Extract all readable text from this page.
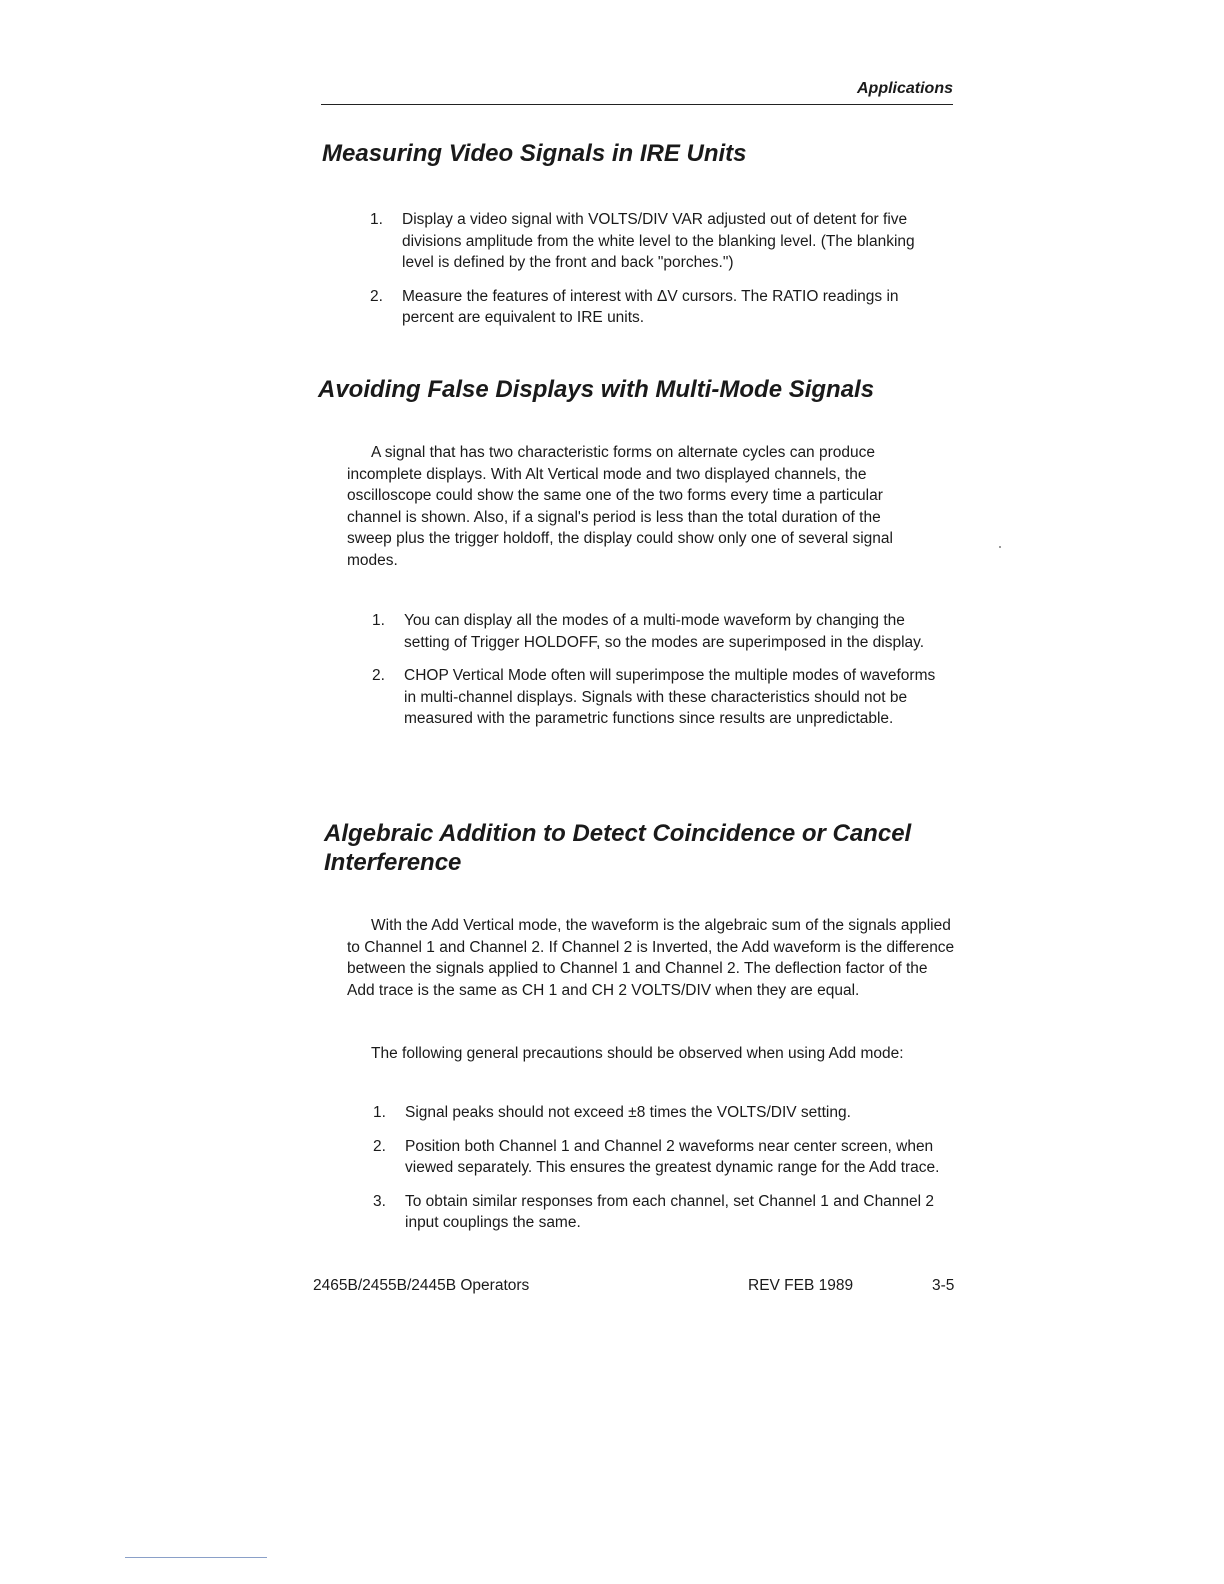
Applications
Measuring Video Signals in IRE Units
1. Display a video signal with VOLTS/DIV VAR adjusted out of detent for five divisions amplitude from the white level to the blanking level. (The blanking level is defined by the front and back "porches.")
2. Measure the features of interest with ΔV cursors. The RATIO readings in percent are equivalent to IRE units.
Avoiding False Displays with Multi-Mode Signals

A signal that has two characteristic forms on alternate cycles can produce incomplete displays. With Alt Vertical mode and two displayed channels, the oscilloscope could show the same one of the two forms every time a particular channel is shown. Also, if a signal's period is less than the total duration of the sweep plus the trigger holdoff, the display could show only one of several signal modes.

1. You can display all the modes of a multi-mode waveform by changing the setting of Trigger HOLDOFF, so the modes are superimposed in the display.
2. CHOP Vertical Mode often will superimpose the multiple modes of waveforms in multi-channel displays. Signals with these characteristics should not be measured with the parametric functions since results are unpredictable.
Algebraic Addition to Detect Coincidence or Cancel Interference

With the Add Vertical mode, the waveform is the algebraic sum of the signals applied to Channel 1 and Channel 2. If Channel 2 is Inverted, the Add waveform is the difference between the signals applied to Channel 1 and Channel 2. The deflection factor of the Add trace is the same as CH 1 and CH 2 VOLTS/DIV when they are equal.

The following general precautions should be observed when using Add mode:

1. Signal peaks should not exceed ±8 times the VOLTS/DIV setting.
2. Position both Channel 1 and Channel 2 waveforms near center screen, when viewed separately. This ensures the greatest dynamic range for the Add trace.
3. To obtain similar responses from each channel, set Channel 1 and Channel 2 input couplings the same.
2465B/2455B/2445B Operators	REV FEB 1989	3-5
